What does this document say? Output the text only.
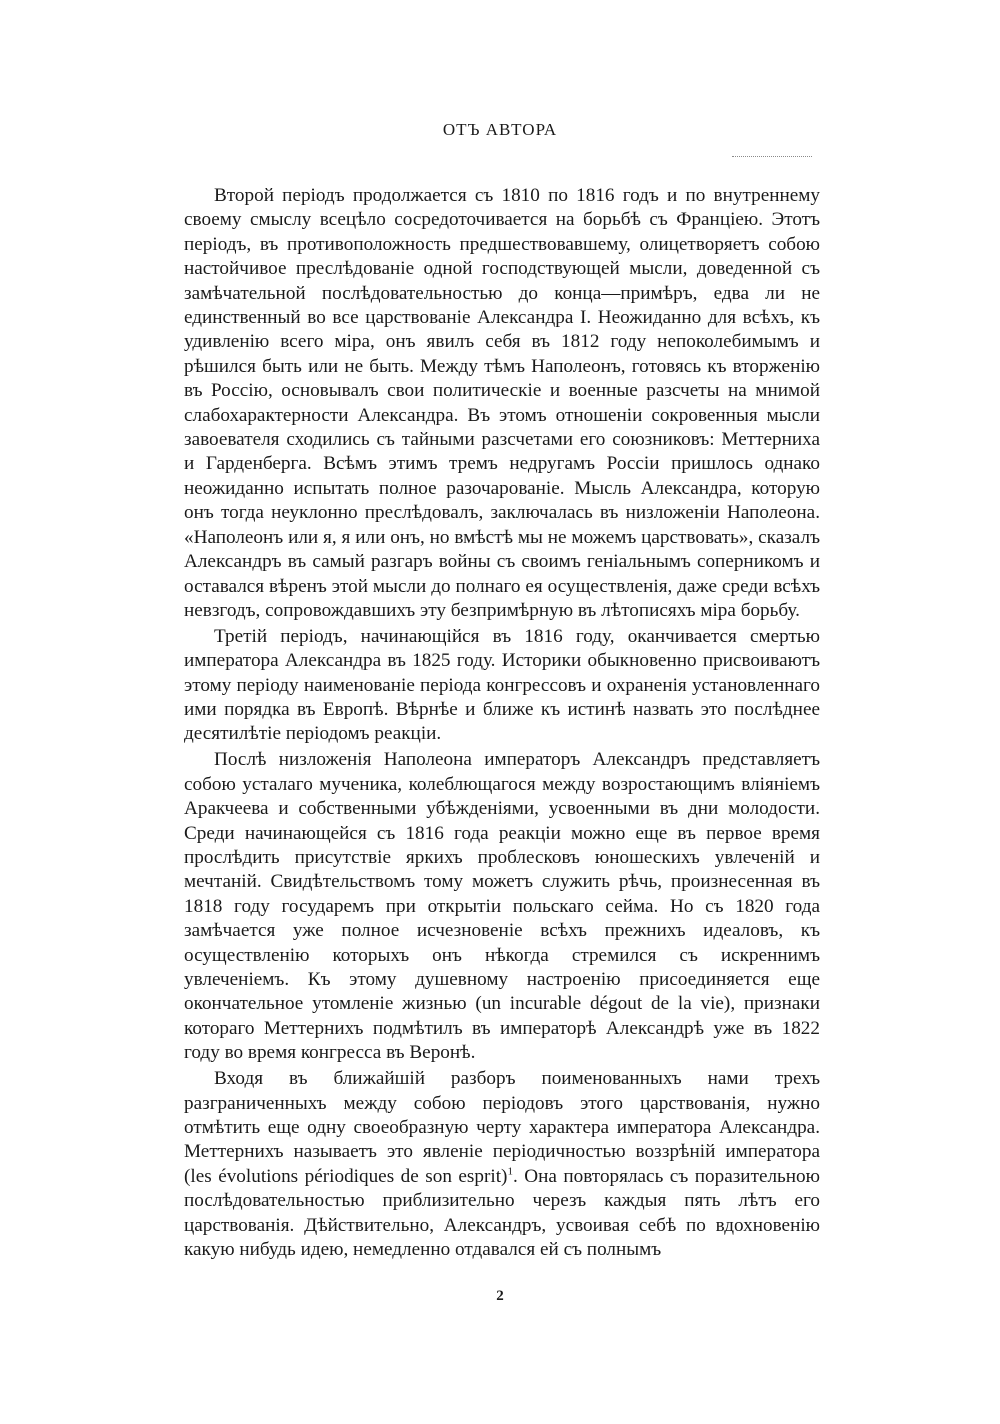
ОТЪ АВТОРА

Второй періодъ продолжается съ 1810 по 1816 годъ и по внутреннему своему смыслу всецѣло сосредоточивается на борьбѣ съ Франціею. Этотъ періодъ, въ противоположность предшествовавшему, олицетворяетъ собою настойчивое преслѣдованіе одной господствующей мысли, доведенной съ замѣчательной послѣдовательностью до конца—примѣръ, едва ли не единственный во все царствованіе Александра I. Неожиданно для всѣхъ, къ удивленію всего міра, онъ явилъ себя въ 1812 году непоколебимымъ и рѣшился быть или не быть. Между тѣмъ Наполеонъ, готовясь къ вторженію въ Россію, основывалъ свои политическіе и военные разсчеты на мнимой слабохарактерности Александра. Въ этомъ отношеніи сокровенныя мысли завоевателя сходились съ тайными разсчетами его союзниковъ: Меттерниха и Гарденберга. Всѣмъ этимъ тремъ недругамъ Россіи пришлось однако неожиданно испытать полное разочарованіе. Мысль Александра, которую онъ тогда неуклонно преслѣдовалъ, заключалась въ низложеніи Наполеона. «Наполеонъ или я, я или онъ, но вмѣстѣ мы не можемъ царствовать», сказалъ Александръ въ самый разгаръ войны съ своимъ геніальнымъ соперникомъ и оставался вѣренъ этой мысли до полнаго ея осуществленія, даже среди всѣхъ невзгодъ, сопровождавшихъ эту безпримѣрную въ лѣтописяхъ міра борьбу.

Третій періодъ, начинающійся въ 1816 году, оканчивается смертью императора Александра въ 1825 году. Историки обыкновенно присвоиваютъ этому періоду наименованіе періода конгрессовъ и охраненія установленнаго ими порядка въ Европѣ. Вѣрнѣе и ближе къ истинѣ назвать это послѣднее десятилѣтіе періодомъ реакціи.

Послѣ низложенія Наполеона императоръ Александръ представляетъ собою усталаго мученика, колеблющагося между возростающимъ вліяніемъ Аракчеева и собственными убѣжденіями, усвоенными въ дни молодости. Среди начинающейся съ 1816 года реакціи можно еще въ первое время прослѣдить присутствіе яркихъ проблесковъ юношескихъ увлеченій и мечтаній. Свидѣтельствомъ тому можетъ служить рѣчь, произнесенная въ 1818 году государемъ при открытіи польскаго сейма. Но съ 1820 года замѣчается уже полное исчезновеніе всѣхъ прежнихъ идеаловъ, къ осуществленію которыхъ онъ нѣкогда стремился съ искреннимъ увлеченіемъ. Къ этому душевному настроенію присоединяется еще окончательное утомленіе жизнью (un incurable dégout de la vie), признаки котораго Меттернихъ подмѣтилъ въ императорѣ Александрѣ уже въ 1822 году во время конгресса въ Веронѣ.

Входя въ ближайшій разборъ поименованныхъ нами трехъ разграниченныхъ между собою періодовъ этого царствованія, нужно отмѣтить еще одну своеобразную черту характера императора Александра. Меттернихъ называетъ это явленіе періодичностью воззрѣній императора (les évolutions périodiques de son esprit)$^1$. Она повторялась съ поразительною послѣдовательностью приблизительно черезъ каждыя пять лѣтъ его царствованія. Дѣйствительно, Александръ, усвоивая себѣ по вдохновенію какую нибудь идею, немедленно отдавался ей съ полнымъ

2
